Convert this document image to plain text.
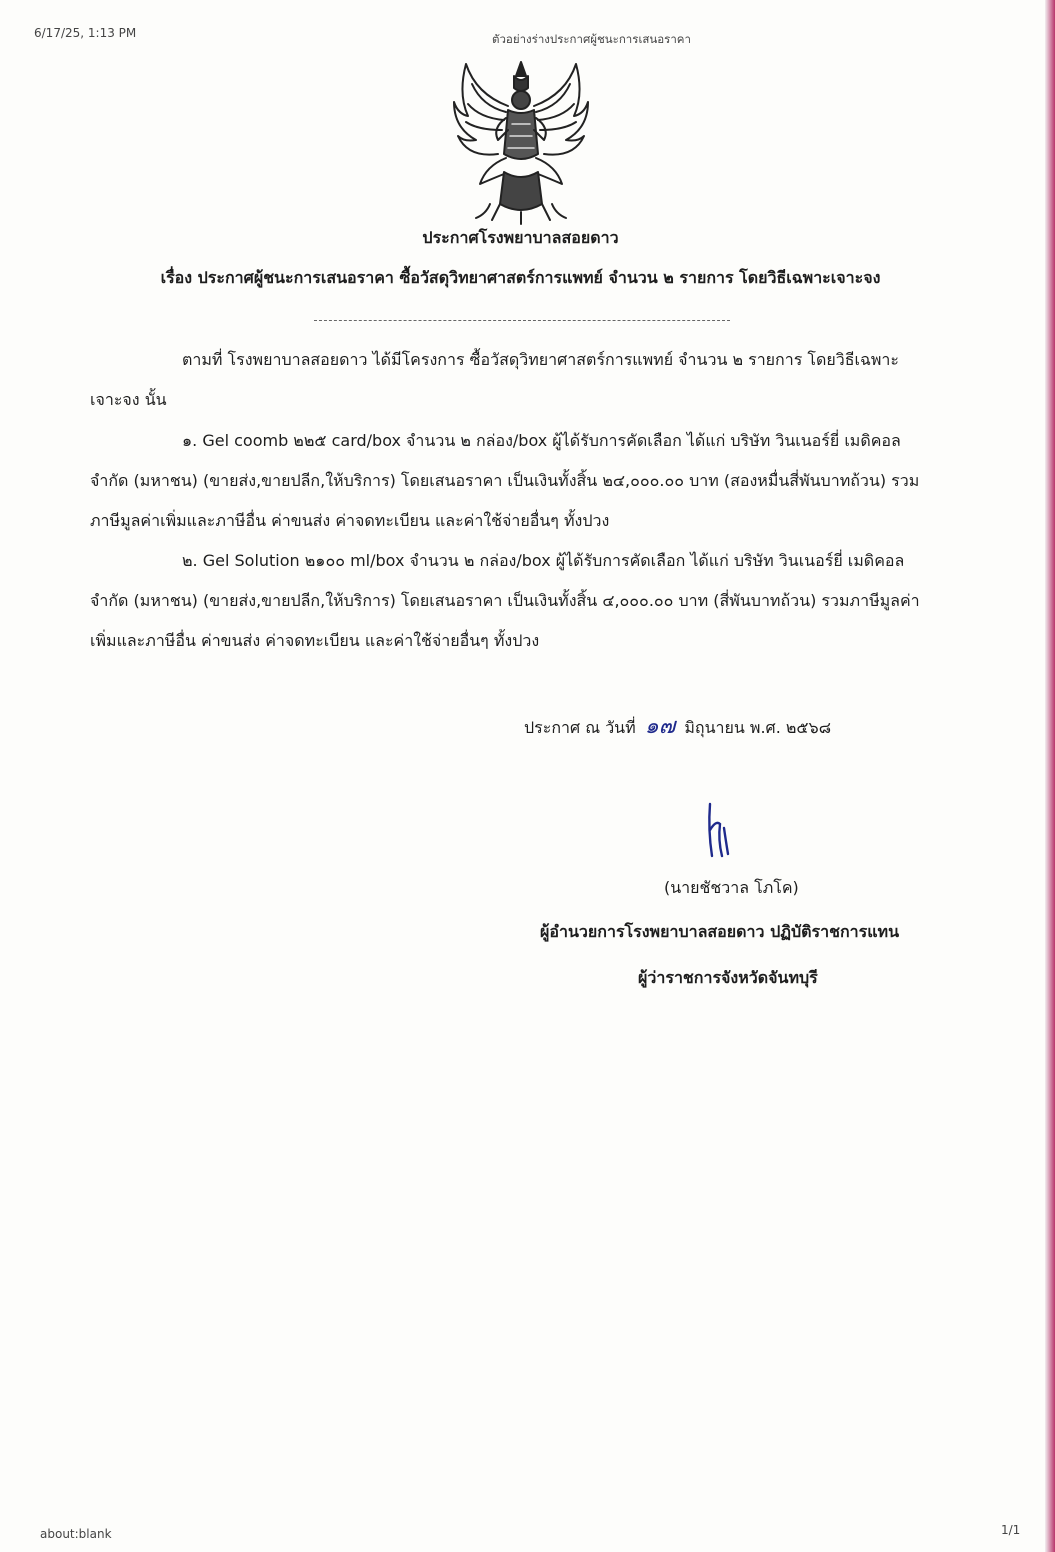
6/17/25, 1:13 PM	ตัวอย่างร่างประกาศผู้ชนะการเสนอราคา
about:blank	1/1
ประกาศโรงพยาบาลสอยดาว
เรื่อง ประกาศผู้ชนะการเสนอราคา ซื้อวัสดุวิทยาศาสตร์การแพทย์ จำนวน ๒ รายการ โดยวิธีเฉพาะเจาะจง

ตามที่ โรงพยาบาลสอยดาว ได้มีโครงการ ซื้อวัสดุวิทยาศาสตร์การแพทย์ จำนวน ๒ รายการ โดยวิธีเฉพาะเจาะจง นั้น

๑. Gel coomb ๒๒๕ card/box จำนวน ๒ กล่อง/box ผู้ได้รับการคัดเลือก ได้แก่ บริษัท วินเนอร์ยี่ เมดิคอล จำกัด (มหาชน) (ขายส่ง,ขายปลีก,ให้บริการ) โดยเสนอราคา เป็นเงินทั้งสิ้น ๒๔,๐๐๐.๐๐ บาท (สองหมื่นสี่พันบาทถ้วน) รวมภาษีมูลค่าเพิ่มและภาษีอื่น ค่าขนส่ง ค่าจดทะเบียน และค่าใช้จ่ายอื่นๆ ทั้งปวง

๒. Gel Solution ๒๑๐๐ ml/box จำนวน ๒ กล่อง/box ผู้ได้รับการคัดเลือก ได้แก่ บริษัท วินเนอร์ยี่ เมดิคอล จำกัด (มหาชน) (ขายส่ง,ขายปลีก,ให้บริการ) โดยเสนอราคา เป็นเงินทั้งสิ้น ๔,๐๐๐.๐๐ บาท (สี่พันบาทถ้วน) รวมภาษีมูลค่าเพิ่มและภาษีอื่น ค่าขนส่ง ค่าจดทะเบียน และค่าใช้จ่ายอื่นๆ ทั้งปวง

ประกาศ ณ วันที่ ๑๗ มิถุนายน พ.ศ. ๒๕๖๘
(นายชัชวาล โภโค)
ผู้อำนวยการโรงพยาบาลสอยดาว ปฏิบัติราชการแทน
ผู้ว่าราชการจังหวัดจันทบุรี
